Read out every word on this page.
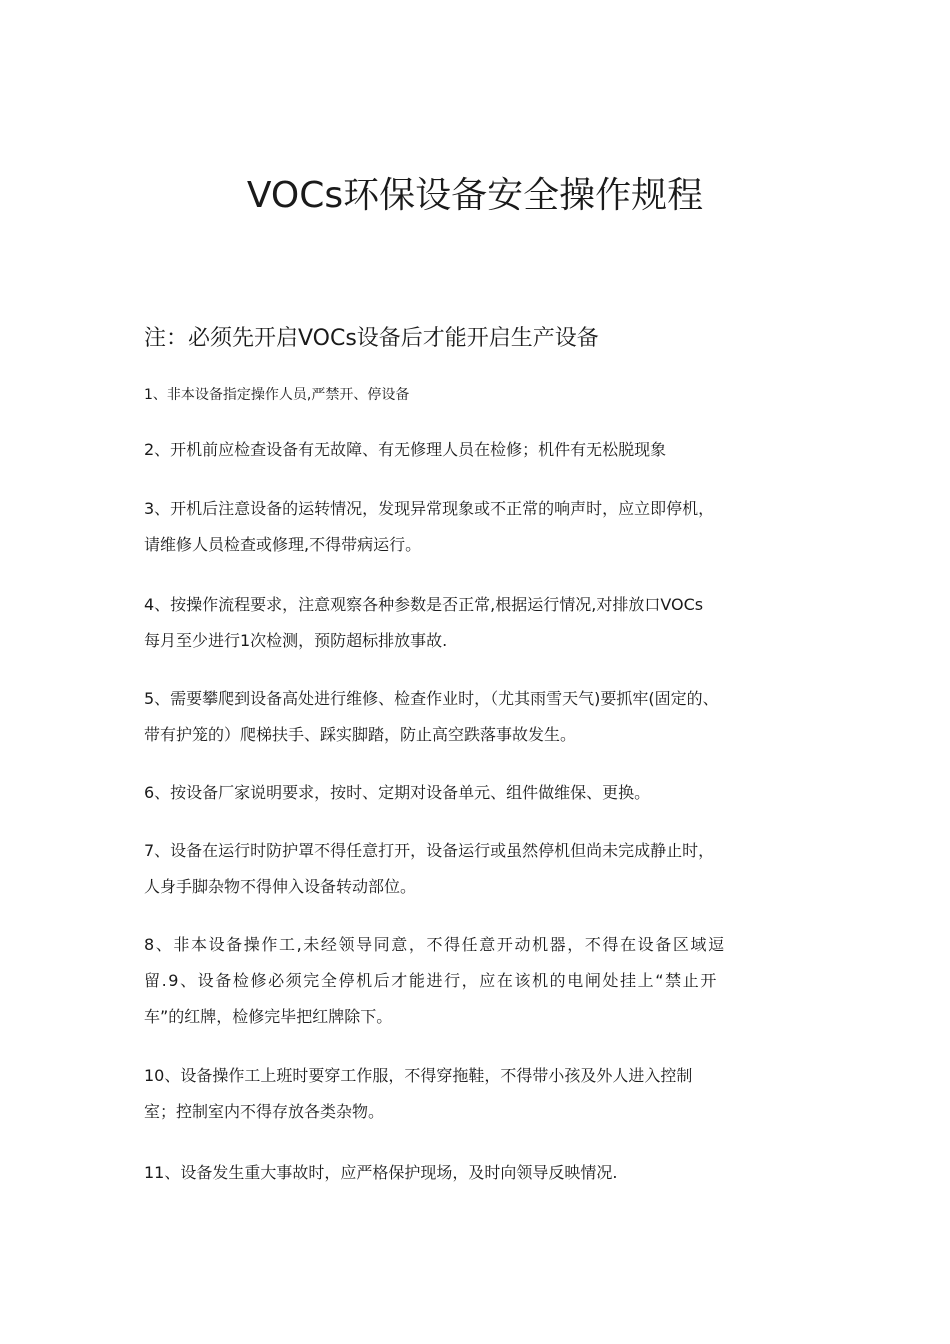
VOCs环保设备安全操作规程

注：必须先开启VOCs设备后才能开启生产设备

1、非本设备指定操作人员,严禁开、停设备
2、开机前应检查设备有无故障、有无修理人员在检修；机件有无松脱现象
3、开机后注意设备的运转情况，发现异常现象或不正常的响声时，应立即停机，
请维修人员检查或修理,不得带病运行。
4、按操作流程要求，注意观察各种参数是否正常,根据运行情况,对排放口VOCs
每月至少进行1次检测，预防超标排放事故.
5、需要攀爬到设备高处进行维修、检查作业时，（尤其雨雪天气)要抓牢(固定的、
带有护笼的）爬梯扶手、踩实脚踏，防止高空跌落事故发生。
6、按设备厂家说明要求，按时、定期对设备单元、组件做维保、更换。
7、设备在运行时防护罩不得任意打开，设备运行或虽然停机但尚未完成静止时，
人身手脚杂物不得伸入设备转动部位。
8、非本设备操作工,未经领导同意，不得任意开动机器，不得在设备区域逗
留.9、设备检修必须完全停机后才能进行，应在该机的电闸处挂上“禁止开
车”的红牌，检修完毕把红牌除下。
10、设备操作工上班时要穿工作服，不得穿拖鞋，不得带小孩及外人进入控制
室；控制室内不得存放各类杂物。
11、设备发生重大事故时，应严格保护现场，及时向领导反映情况.
